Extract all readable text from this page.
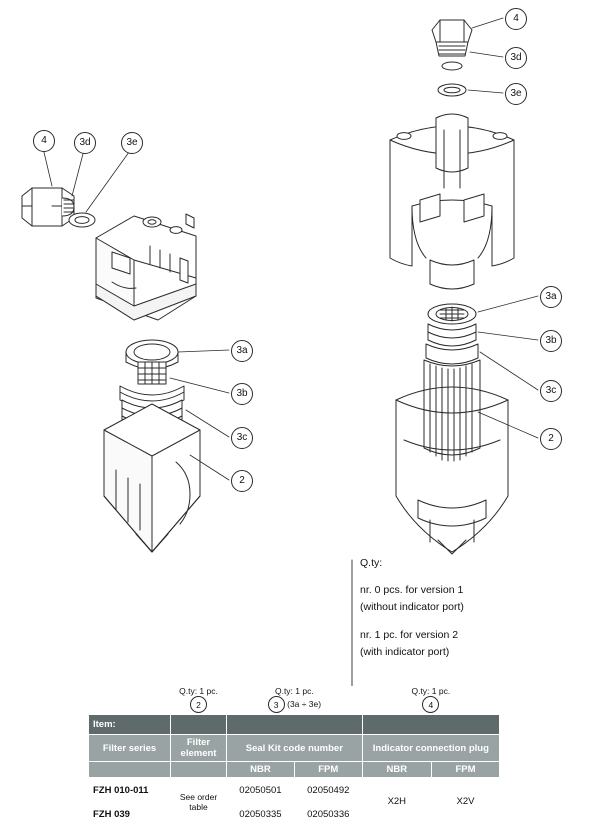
4	3d	3e
3a
3b
3c
2
4
3d
3e
3a
3b
3c
2

Q.ty:

nr. 0 pcs. for version 1

(without indicator port)

nr. 1 pc. for version 2

(with indicator port)

	Q.ty: 1 pc.
2	Q.ty: 1 pc.
3 (3a ÷ 3e)		Q.ty: 1 pc.
4	
Item:					
Filter series	Filter element	Seal Kit code number		Indicator connection plug	
		NBR	FPM	NBR	FPM
FZH 010-011	See order table	02050501	02050492	X2H	X2V
FZH 039		02050335	02050336		
